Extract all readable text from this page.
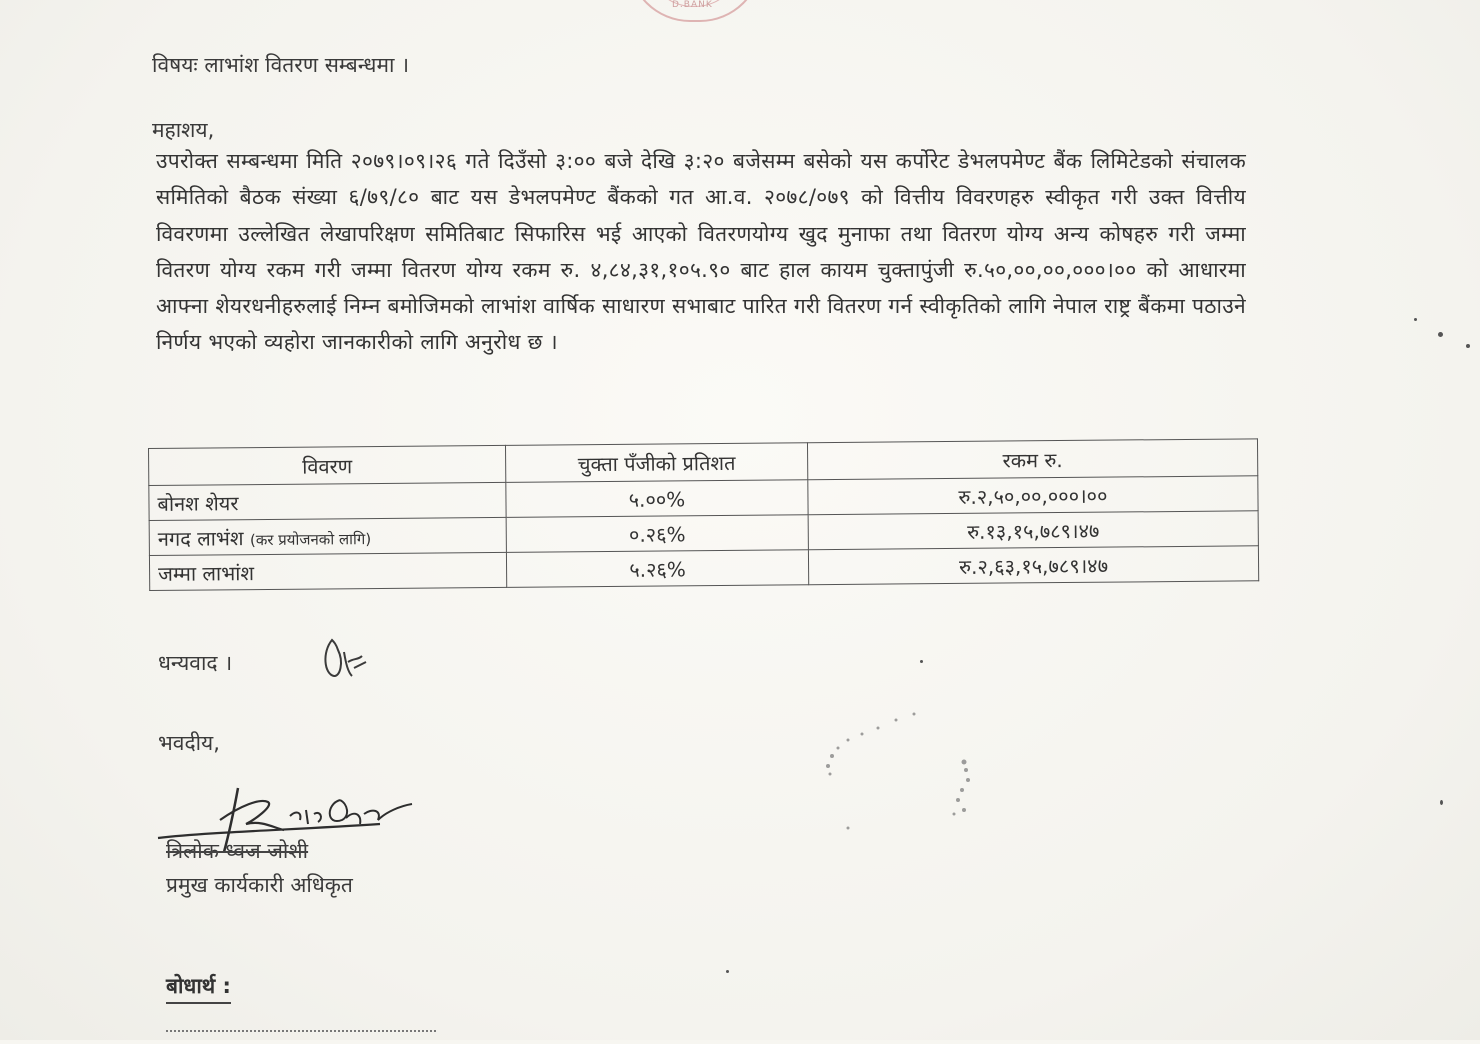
D.BANK
विषयः लाभांश वितरण सम्बन्धमा ।
महाशय,
उपरोक्त सम्बन्धमा मिति २०७९।०९।२६ गते दिउँसो ३:०० बजे देखि ३:२० बजेसम्म बसेको यस कर्पोरेट डेभलपमेण्ट बैंक लिमिटेडको संचालक समितिको बैठक संख्या ६/७९/८० बाट यस डेभलपमेण्ट बैंकको गत आ.व. २०७८/०७९ को वित्तीय विवरणहरु स्वीकृत गरी उक्त वित्तीय विवरणमा उल्लेखित लेखापरिक्षण समितिबाट सिफारिस भई आएको वितरणयोग्य खुद मुनाफा तथा वितरण योग्य अन्य कोषहरु गरी जम्मा वितरण योग्य रकम गरी जम्मा वितरण योग्य रकम रु. ४,८४,३१,१०५.९० बाट हाल कायम चुक्तापुंजी रु.५०,००,००,०००।०० को आधारमा आफ्ना शेयरधनीहरुलाई निम्न बमोजिमको लाभांश वार्षिक साधारण सभाबाट पारित गरी वितरण गर्न स्वीकृतिको लागि नेपाल राष्ट्र बैंकमा पठाउने निर्णय भएको व्यहोरा जानकारीको लागि अनुरोध छ ।
विवरण	चुक्ता पँजीको प्रतिशत	रकम रु.
बोनश शेयर	५.००%	रु.२,५०,००,०००।००
नगद लाभंश (कर प्रयोजनको लागि)	०.२६%	रु.१३,१५,७८९।४७
जम्मा लाभांश	५.२६%	रु.२,६३,१५,७८९।४७
धन्यवाद ।
भवदीय,
त्रिलोक ध्वज जोशी
प्रमुख कार्यकारी अधिकृत
बोधार्थ :
